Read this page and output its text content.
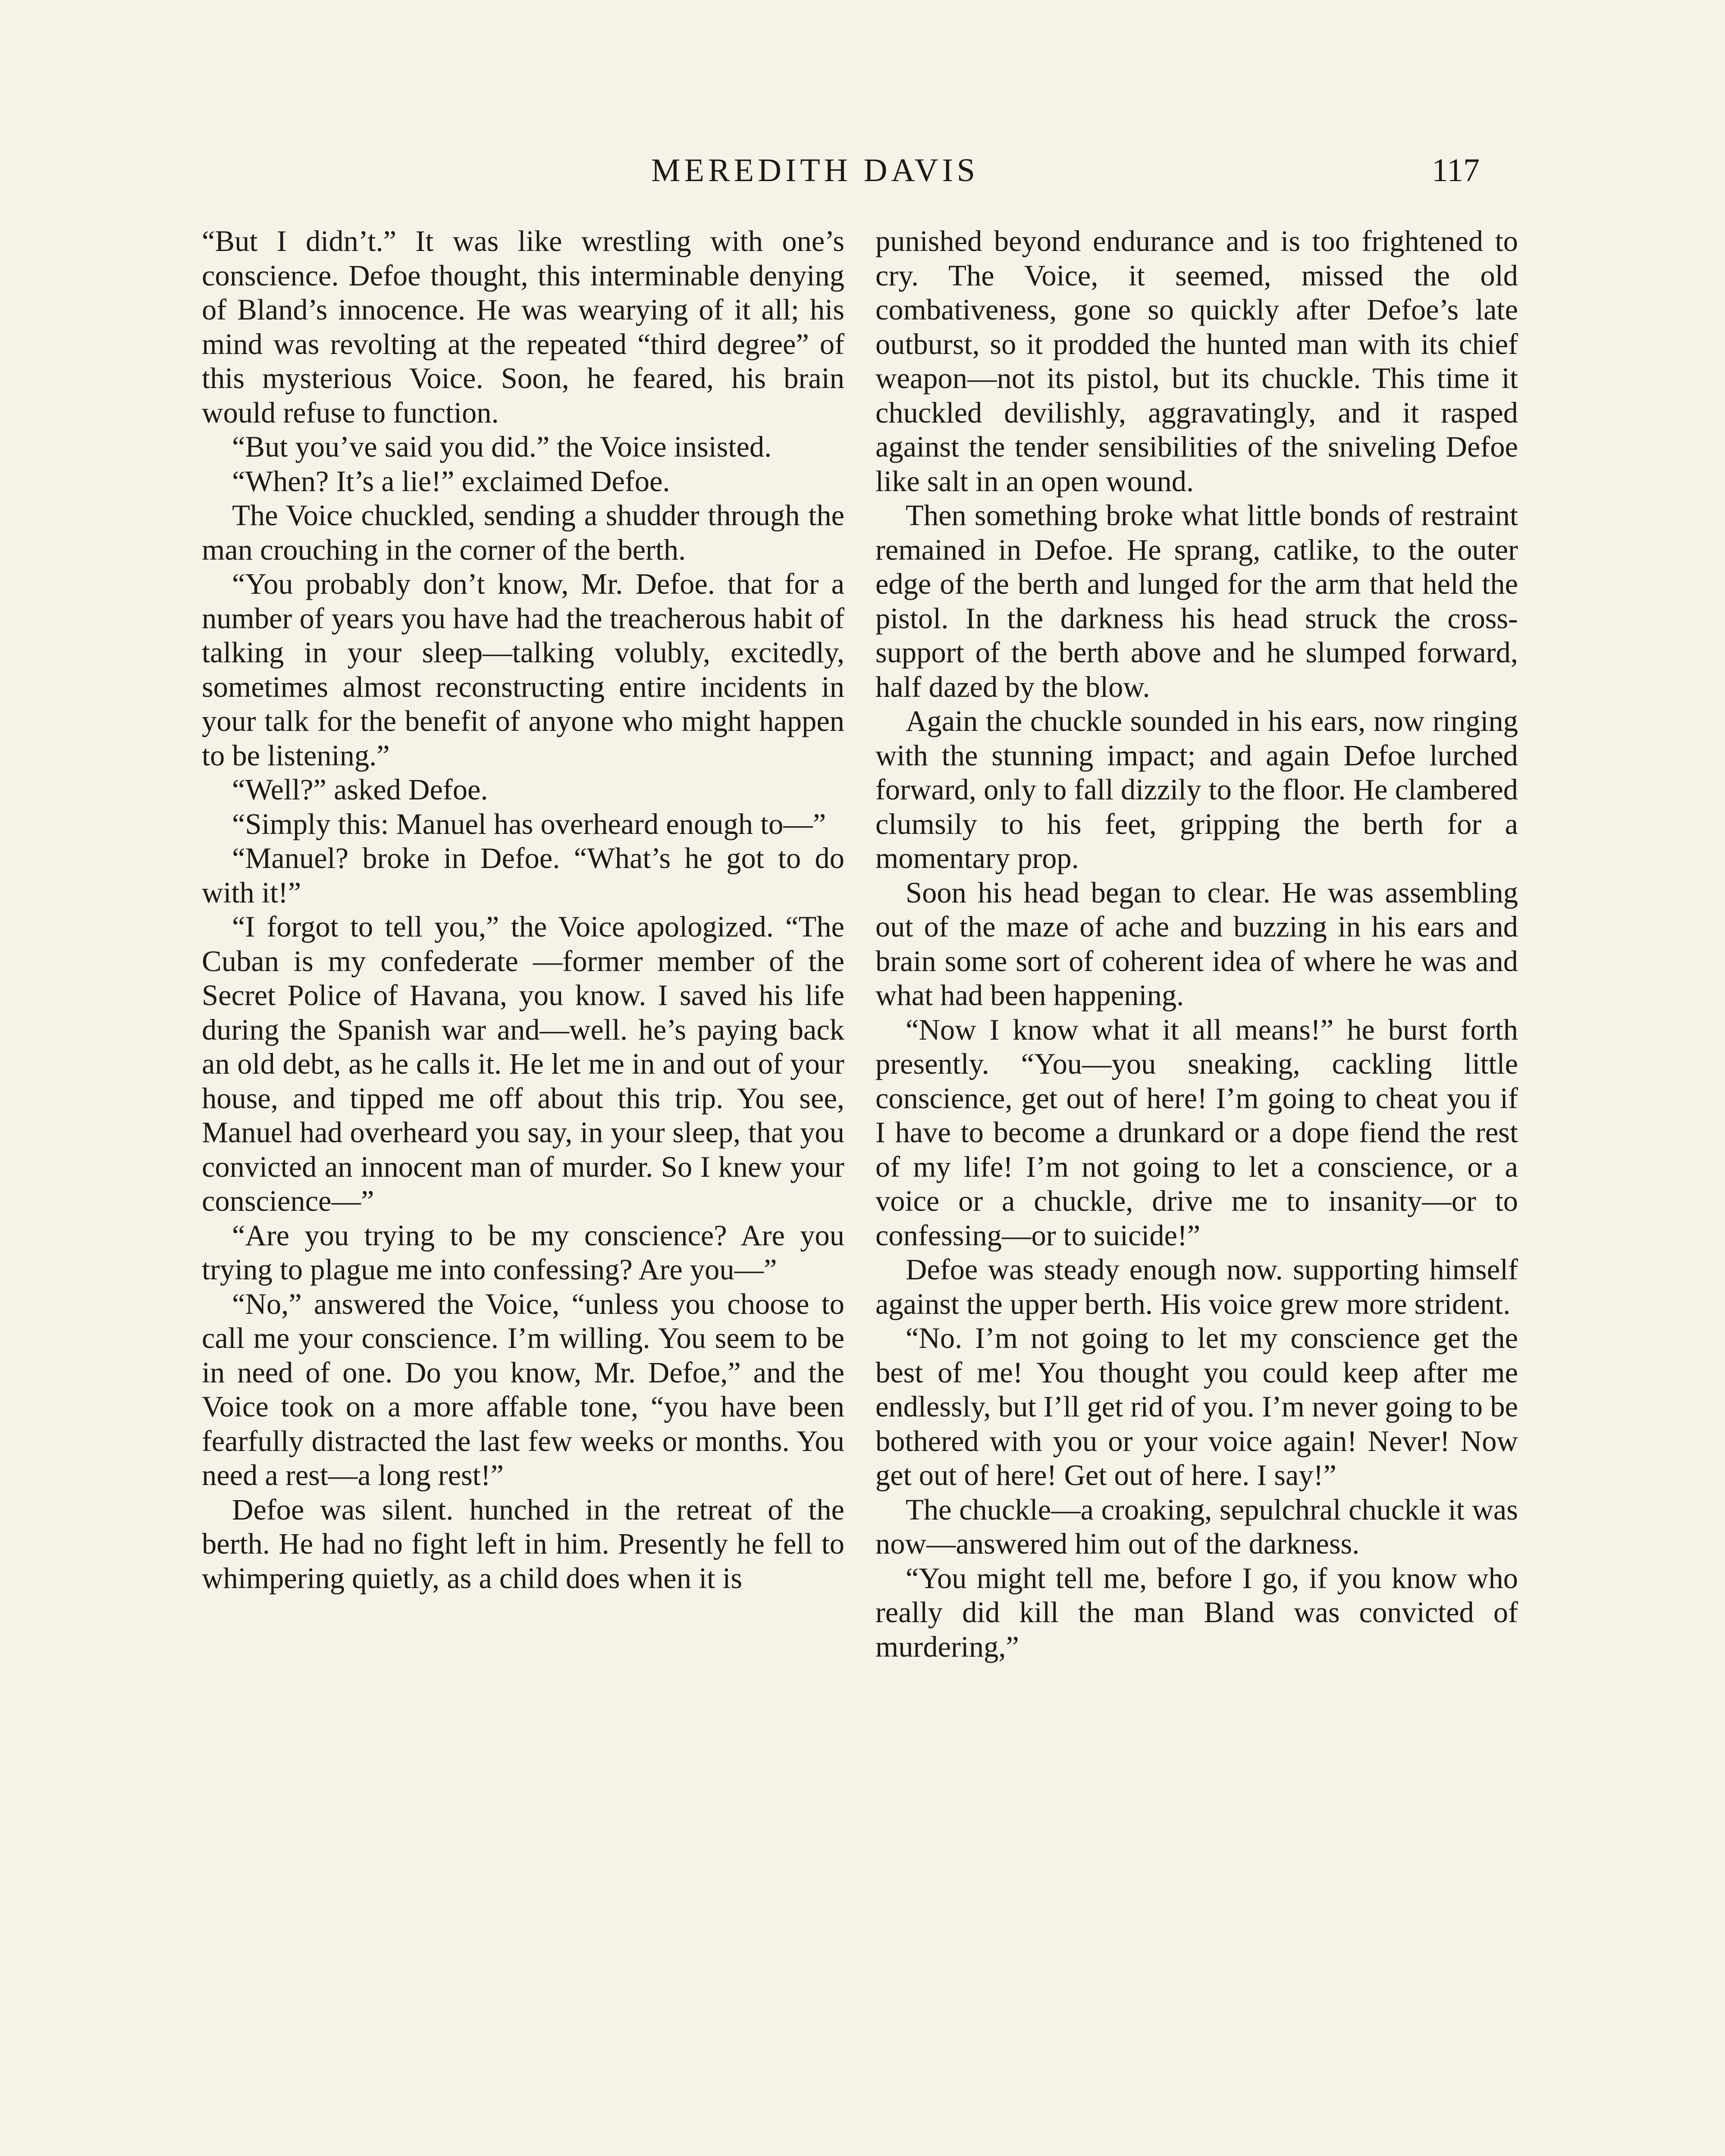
MEREDITH DAVIS	117

“But I didn’t.” It was like wrestling with one’s conscience. Defoe thought, this interminable denying of Bland’s innocence. He was wearying of it all; his mind was revolting at the repeated “third degree” of this mysterious Voice. Soon, he feared, his brain would refuse to function.

“But you’ve said you did.” the Voice insisted.

“When? It’s a lie!” exclaimed Defoe.

The Voice chuckled, sending a shudder through the man crouching in the corner of the berth.

“You probably don’t know, Mr. Defoe. that for a number of years you have had the treacherous habit of talking in your sleep—talking volubly, excitedly, sometimes almost reconstructing entire incidents in your talk for the benefit of anyone who might happen to be listening.”

“Well?” asked Defoe.

“Simply this: Manuel has overheard enough to—”

“Manuel? broke in Defoe. “What’s he got to do with it!”

“I forgot to tell you,” the Voice apologized. “The Cuban is my confederate —former member of the Secret Police of Havana, you know. I saved his life during the Spanish war and—well. he’s paying back an old debt, as he calls it. He let me in and out of your house, and tipped me off about this trip. You see, Manuel had overheard you say, in your sleep, that you convicted an innocent man of murder. So I knew your conscience—”

“Are you trying to be my conscience? Are you trying to plague me into confessing? Are you—”

“No,” answered the Voice, “unless you choose to call me your conscience. I’m willing. You seem to be in need of one. Do you know, Mr. Defoe,” and the Voice took on a more affable tone, “you have been fearfully distracted the last few weeks or months. You need a rest—a long rest!”

Defoe was silent. hunched in the retreat of the berth. He had no fight left in him. Presently he fell to whimpering quietly, as a child does when it is

punished beyond endurance and is too frightened to cry. The Voice, it seemed, missed the old combativeness, gone so quickly after Defoe’s late outburst, so it prodded the hunted man with its chief weapon—not its pistol, but its chuckle. This time it chuckled devilishly, aggravatingly, and it rasped against the tender sensibilities of the sniveling Defoe like salt in an open wound.

Then something broke what little bonds of restraint remained in Defoe. He sprang, catlike, to the outer edge of the berth and lunged for the arm that held the pistol. In the darkness his head struck the cross-support of the berth above and he slumped forward, half dazed by the blow.

Again the chuckle sounded in his ears, now ringing with the stunning impact; and again Defoe lurched forward, only to fall dizzily to the floor. He clambered clumsily to his feet, gripping the berth for a momentary prop.

Soon his head began to clear. He was assembling out of the maze of ache and buzzing in his ears and brain some sort of coherent idea of where he was and what had been happening.

“Now I know what it all means!” he burst forth presently. “You—you sneaking, cackling little conscience, get out of here! I’m going to cheat you if I have to become a drunkard or a dope fiend the rest of my life! I’m not going to let a conscience, or a voice or a chuckle, drive me to insanity—or to confessing—or to suicide!”

Defoe was steady enough now. supporting himself against the upper berth. His voice grew more strident.

“No. I’m not going to let my conscience get the best of me! You thought you could keep after me endlessly, but I’ll get rid of you. I’m never going to be bothered with you or your voice again! Never! Now get out of here! Get out of here. I say!”

The chuckle—a croaking, sepulchral chuckle it was now—answered him out of the darkness.

“You might tell me, before I go, if you know who really did kill the man Bland was convicted of murdering,”
